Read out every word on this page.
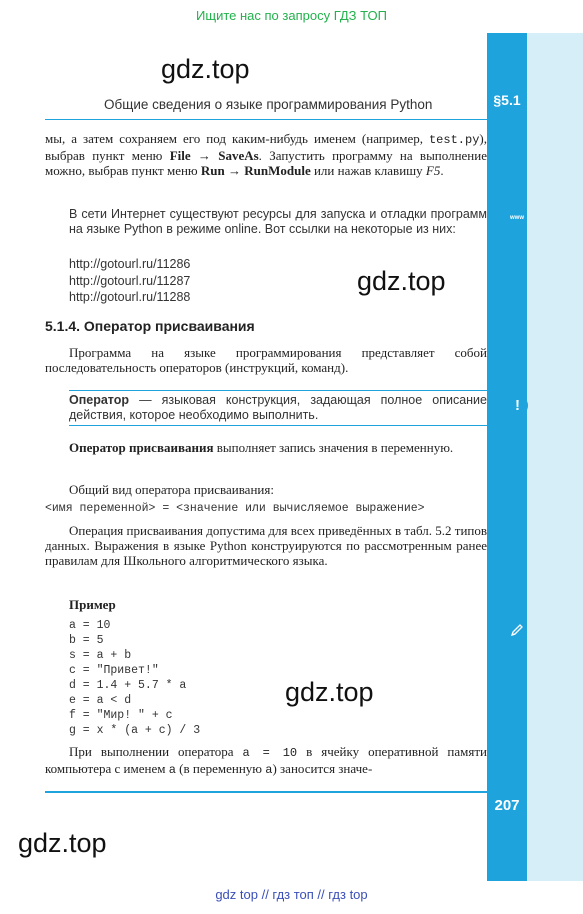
Ищите нас по запросу ГДЗ ТОП
gdz.top
Общие сведения о языке программирования Python	§5.1
мы, а затем сохраняем его под каким-нибудь именем (например, test.py), выбрав пункт меню File → SaveAs. Запустить программу на выполнение можно, выбрав пункт меню Run → RunModule или нажав клавишу F5.
В сети Интернет существуют ресурсы для запуска и отладки программ на языке Python в режиме online. Вот ссылки на некоторые из них:
www
http://gotourl.ru/11286
http://gotourl.ru/11287
http://gotourl.ru/11288
gdz.top
5.1.4. Оператор присваивания
Программа на языке программирования представляет собой последовательность операторов (инструкций, команд).
Оператор — языковая конструкция, задающая полное описание действия, которое необходимо выполнить.
!
Оператор присваивания выполняет запись значения в переменную.
Общий вид оператора присваивания:
<имя переменной> = <значение или вычисляемое выражение>
Операция присваивания допустима для всех приведённых в табл. 5.2 типов данных. Выражения в языке Python конструируются по рассмотренным ранее правилам для Школьного алгоритмического языка.
Пример
a = 10
b = 5
s = a + b
c = "Привет!"
d = 1.4 + 5.7 * a
e = a < d
f = "Мир! " + c
g = x * (a + c) / 3
gdz.top
При выполнении оператора a = 10 в ячейку оперативной памяти компьютера с именем a (в переменную a) заносится значе-
207
gdz.top
gdz top // гдз топ // гдз top
